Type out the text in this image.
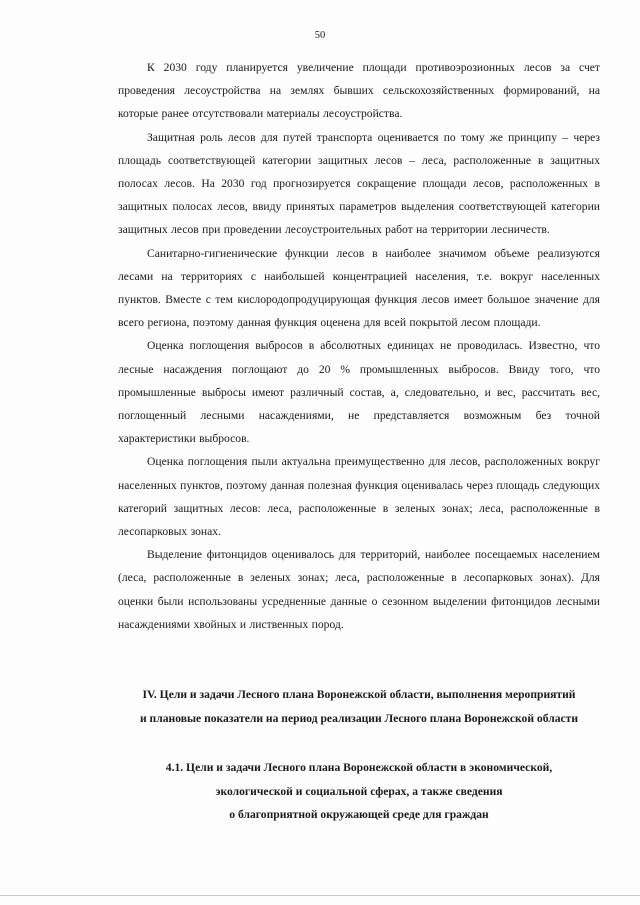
50

К 2030 году планируется увеличение площади противоэрозионных лесов за счет проведения лесоустройства на землях бывших сельскохозяйственных формирований, на которые ранее отсутствовали материалы лесоустройства.

Защитная роль лесов для путей транспорта оценивается по тому же принципу – через площадь соответствующей категории защитных лесов – леса, расположенные в защитных полосах лесов. На 2030 год прогнозируется сокращение площади лесов, расположенных в защитных полосах лесов, ввиду принятых параметров выделения соответствующей категории защитных лесов при проведении лесоустроительных работ на территории лесничеств.

Санитарно-гигиенические функции лесов в наиболее значимом объеме реализуются лесами на территориях с наибольшей концентрацией населения, т.е. вокруг населенных пунктов. Вместе с тем кислородопродуцирующая функция лесов имеет большое значение для всего региона, поэтому данная функция оценена для всей покрытой лесом площади.

Оценка поглощения выбросов в абсолютных единицах не проводилась. Известно, что лесные насаждения поглощают до 20 % промышленных выбросов. Ввиду того, что промышленные выбросы имеют различный состав, а, следовательно, и вес, рассчитать вес, поглощенный лесными насаждениями, не представляется возможным без точной характеристики выбросов.

Оценка поглощения пыли актуальна преимущественно для лесов, расположенных вокруг населенных пунктов, поэтому данная полезная функция оценивалась через площадь следующих категорий защитных лесов: леса, расположенные в зеленых зонах; леса, расположенные в лесопарковых зонах.

Выделение фитонцидов оценивалось для территорий, наиболее посещаемых населением (леса, расположенные в зеленых зонах; леса, расположенные в лесопарковых зонах). Для оценки были использованы усредненные данные о сезонном выделении фитонцидов лесными насаждениями хвойных и лиственных пород.

IV. Цели и задачи Лесного плана Воронежской области, выполнения мероприятий
и плановые показатели на период реализации Лесного плана Воронежской области

4.1. Цели и задачи Лесного плана Воронежской области в экономической,
экологической и социальной сферах, а также сведения
о благоприятной окружающей среде для граждан
